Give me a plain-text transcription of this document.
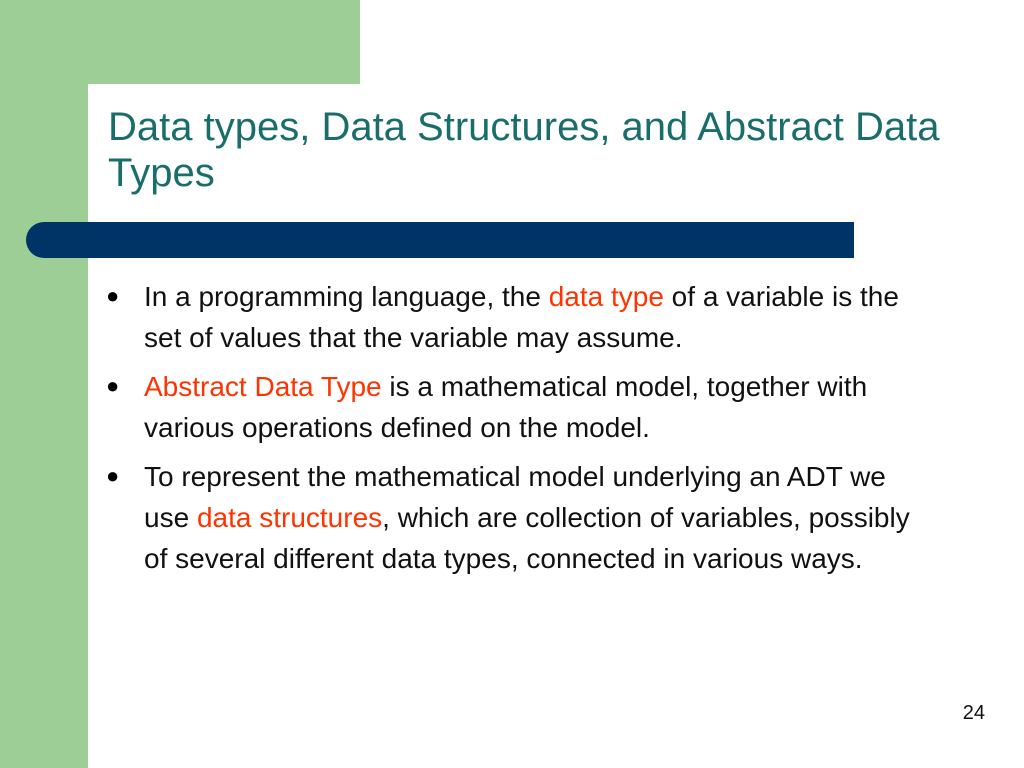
Data types, Data Structures, and Abstract Data Types
● In a programming language, the data type of a variable is the set of values that the variable may assume.
● Abstract Data Type is a mathematical model, together with various operations defined on the model.
● To represent the mathematical model underlying an ADT we use data structures, which are collection of variables, possibly of several different data types, connected in various ways.
24
